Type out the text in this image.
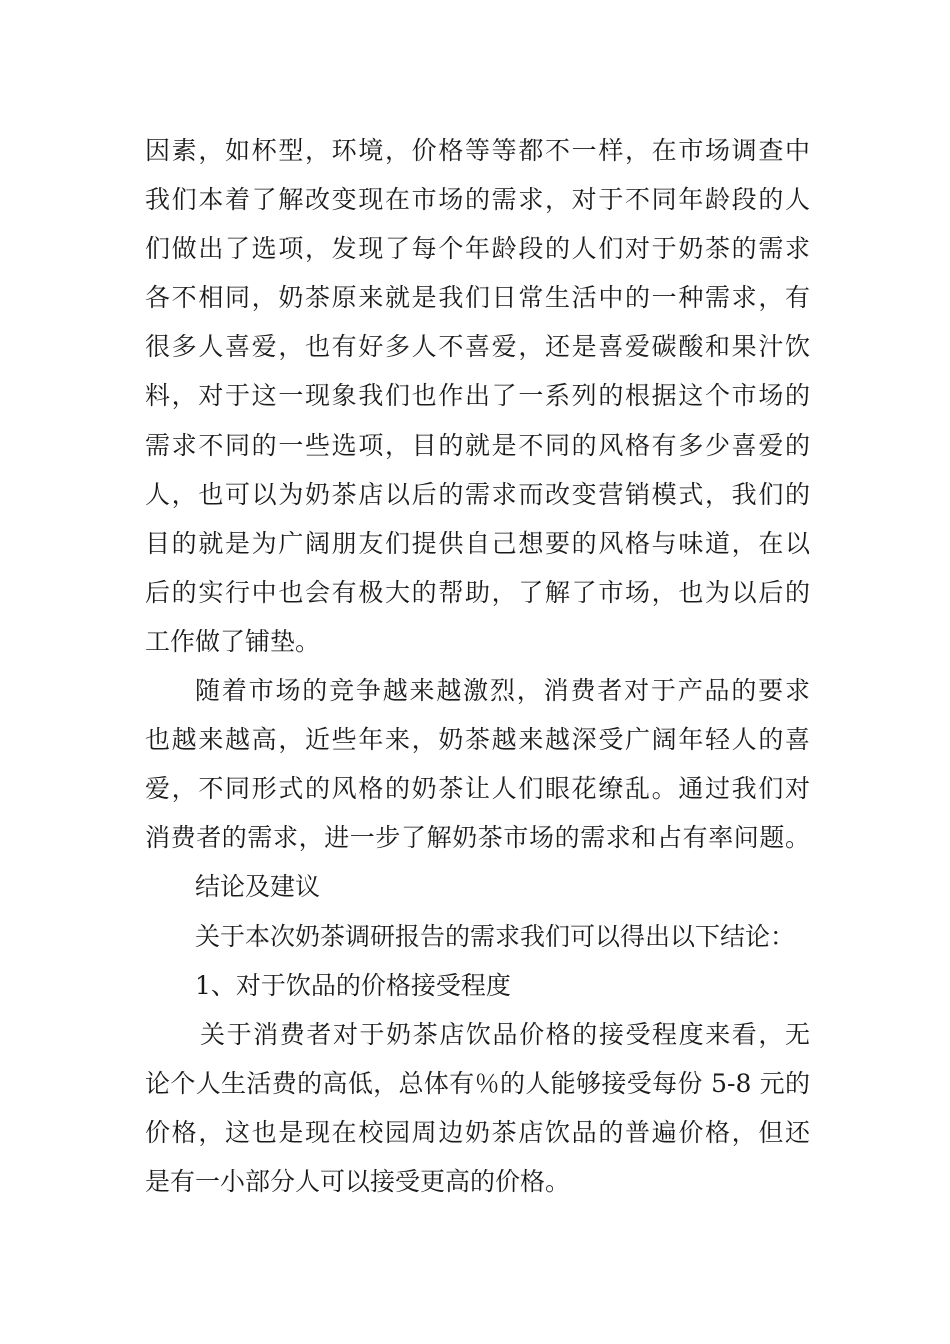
因素，如杯型，环境，价格等等都不一样，在市场调查中
我们本着了解改变现在市场的需求，对于不同年龄段的人
们做出了选项，发现了每个年龄段的人们对于奶茶的需求
各不相同，奶茶原来就是我们日常生活中的一种需求，有
很多人喜爱，也有好多人不喜爱，还是喜爱碳酸和果汁饮
料，对于这一现象我们也作出了一系列的根据这个市场的
需求不同的一些选项，目的就是不同的风格有多少喜爱的
人，也可以为奶茶店以后的需求而改变营销模式，我们的
目的就是为广阔朋友们提供自己想要的风格与味道，在以
后的实行中也会有极大的帮助，了解了市场，也为以后的
工作做了铺垫。
随着市场的竞争越来越激烈，消费者对于产品的要求
也越来越高，近些年来，奶茶越来越深受广阔年轻人的喜
爱，不同形式的风格的奶茶让人们眼花缭乱。通过我们对
消费者的需求，进一步了解奶茶市场的需求和占有率问题。
结论及建议
关于本次奶茶调研报告的需求我们可以得出以下结论：
1、对于饮品的价格接受程度
关于消费者对于奶茶店饮品价格的接受程度来看，无
论个人生活费的高低，总体有％的人能够接受每份 5-8 元的
价格，这也是现在校园周边奶茶店饮品的普遍价格，但还
是有一小部分人可以接受更高的价格。
